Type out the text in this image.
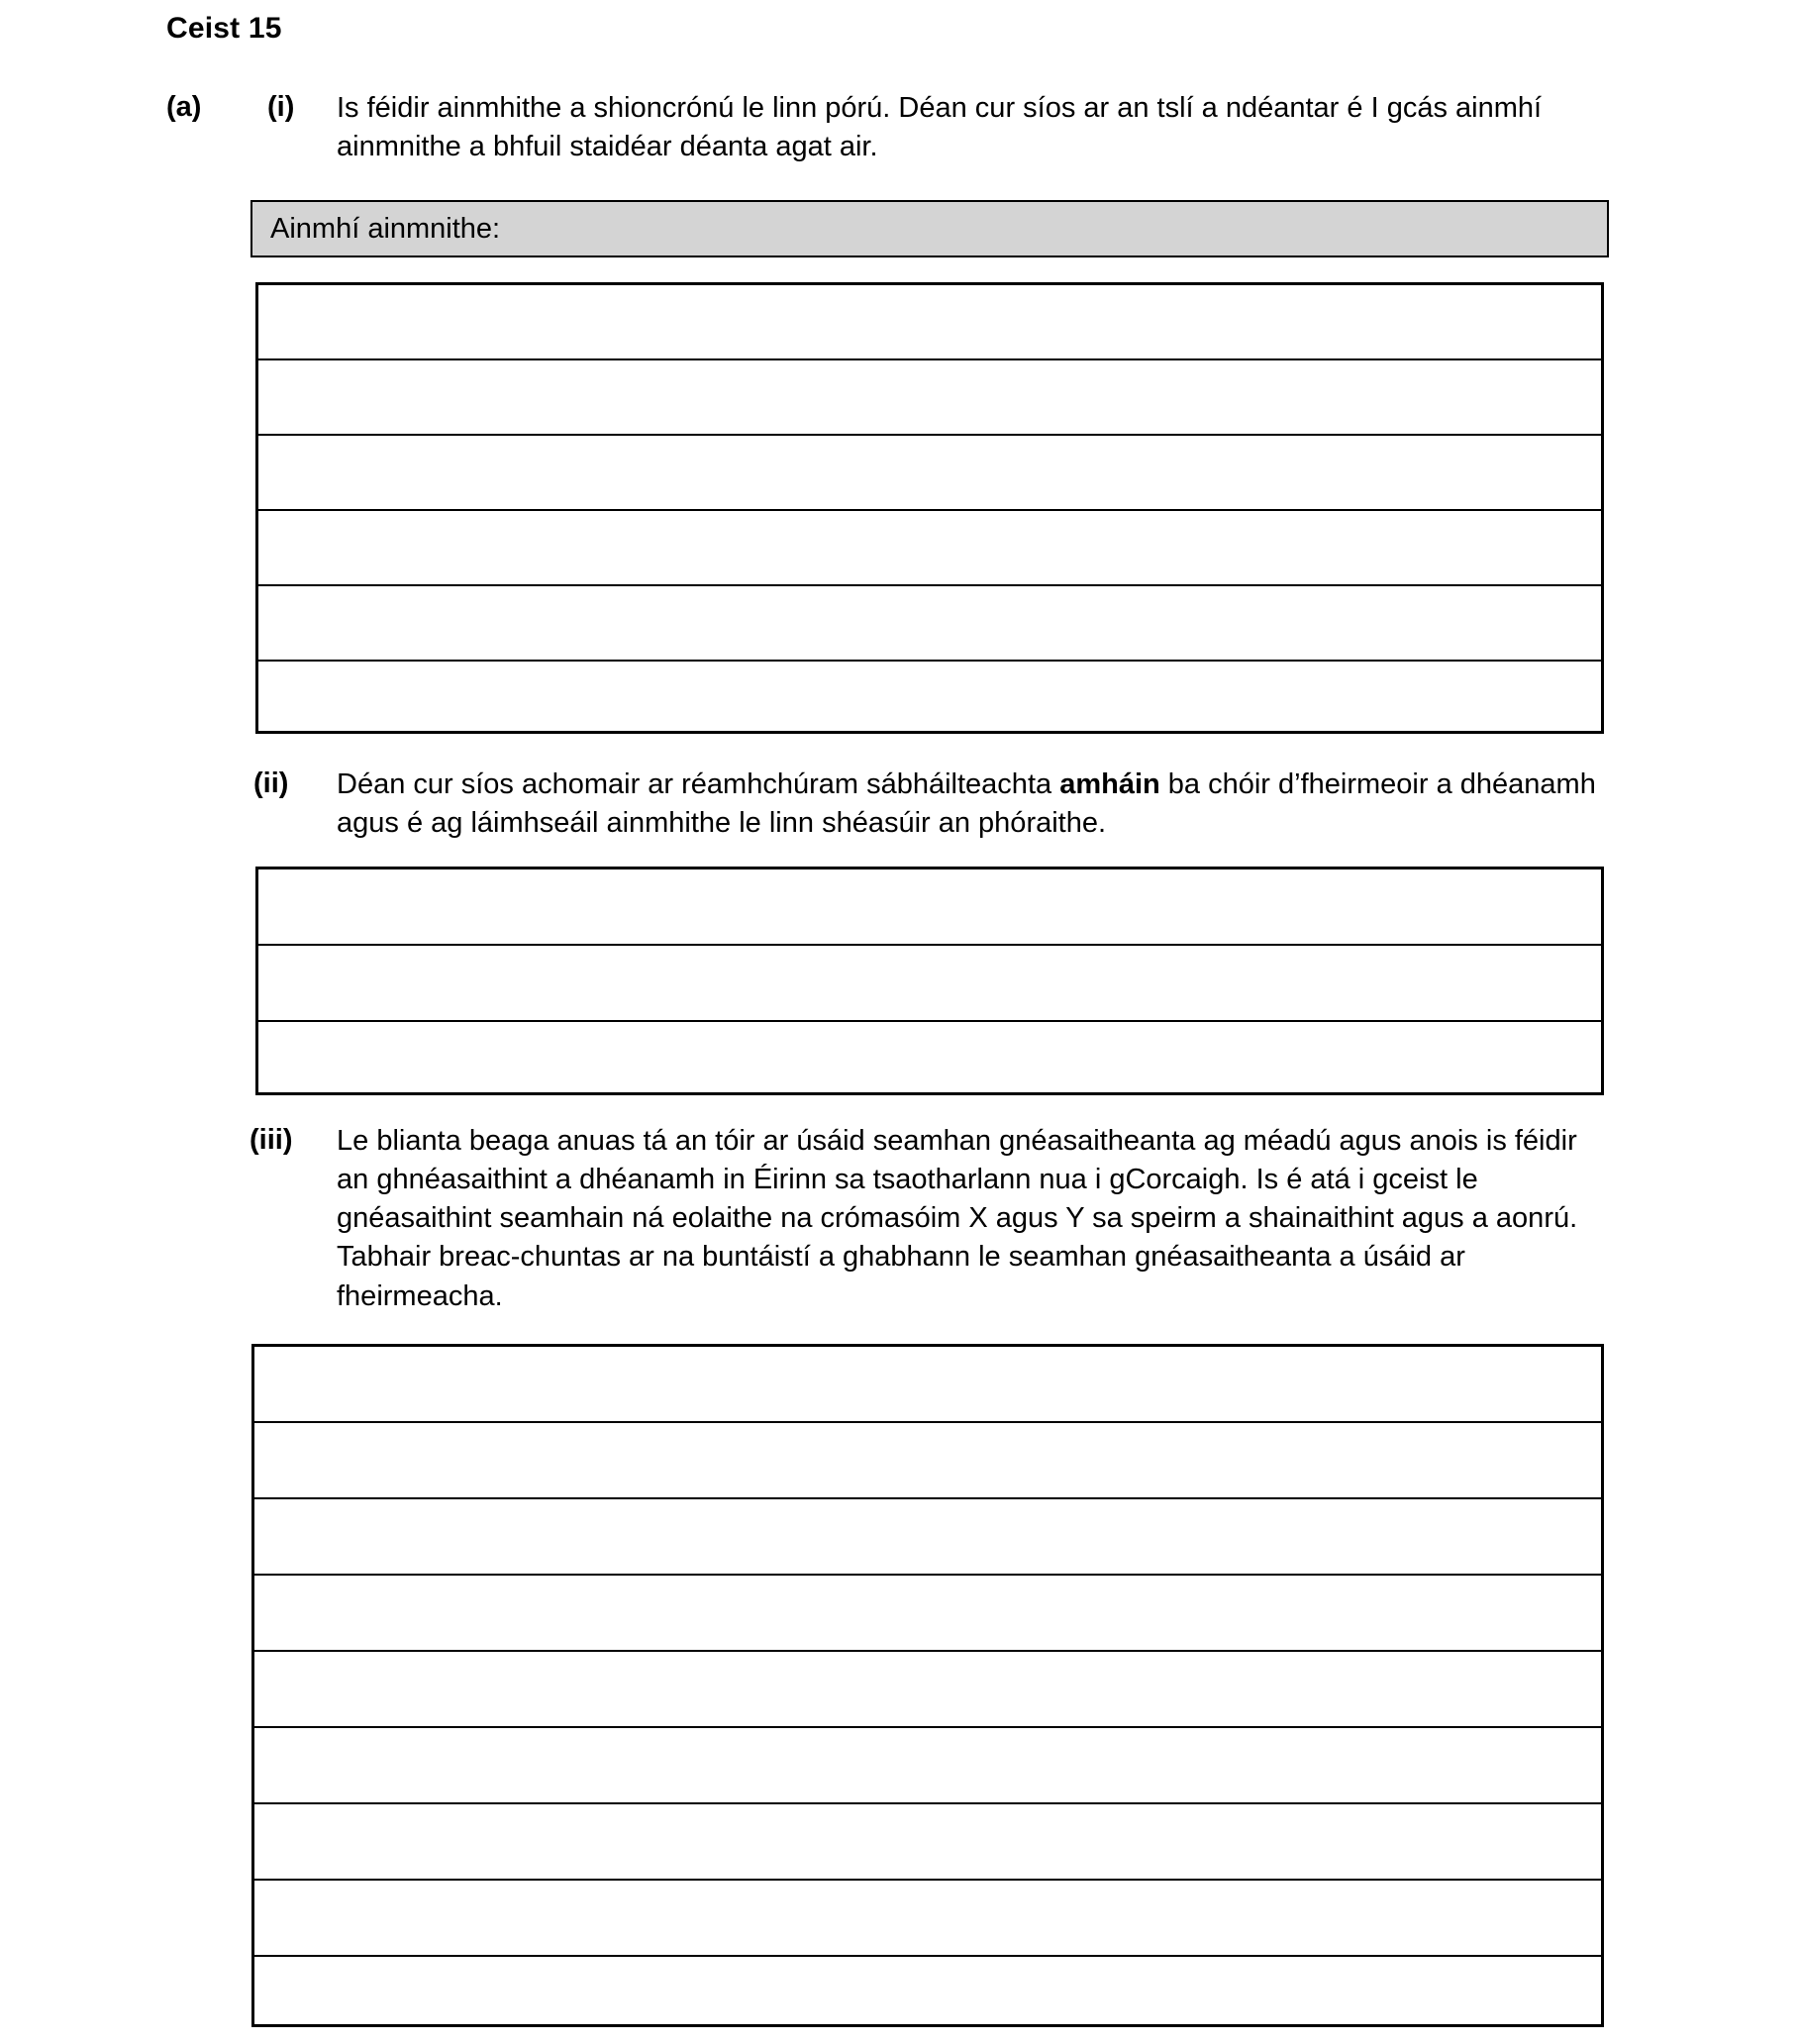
Ceist 15
(a)	(i)	Is féidir ainmhithe a shioncrónú le linn pórú. Déan cur síos ar an tslí a ndéantar é I gcás ainmhí ainmnithe a bhfuil staidéar déanta agat air.
Ainmhí ainmnithe:
(ii)	Déan cur síos achomair ar réamhchúram sábháilteachta amháin ba chóir d’fheirmeoir a dhéanamh agus é ag láimhseáil ainmhithe le linn shéasúir an phóraithe.
(iii)	Le blianta beaga anuas tá an tóir ar úsáid seamhan gnéasaitheanta ag méadú agus anois is féidir an ghnéasaithint a dhéanamh in Éirinn sa tsaotharlann nua i gCorcaigh. Is é atá i gceist le gnéasaithint seamhain ná eolaithe na crómasóim X agus Y sa speirm a shainaithint agus a aonrú. Tabhair breac-chuntas ar na buntáistí a ghabhann le seamhan gnéasaitheanta a úsáid ar fheirmeacha.
